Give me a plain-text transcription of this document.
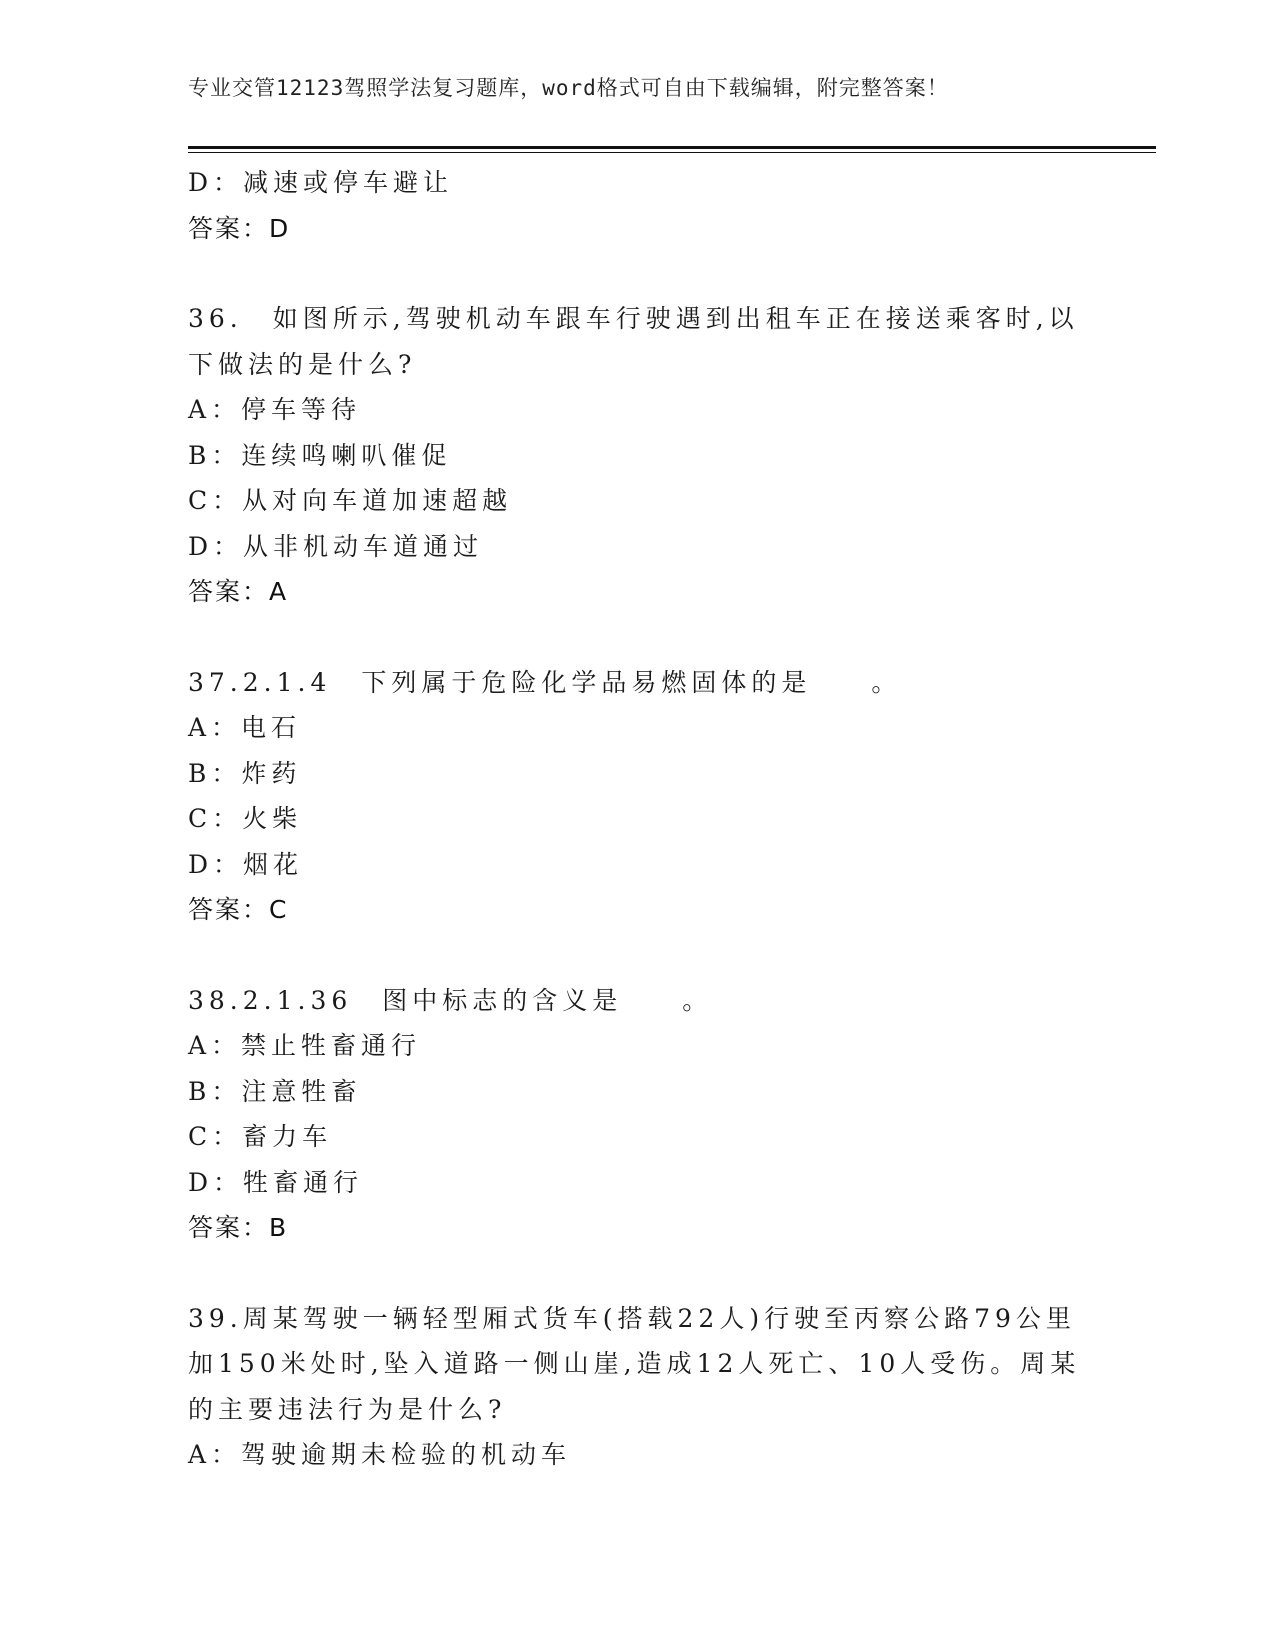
专业交管12123驾照学法复习题库，word格式可自由下载编辑，附完整答案！
D：减速或停车避让
答案：D
36.　如图所示,驾驶机动车跟车行驶遇到出租车正在接送乘客时,以下做法的是什么?
A：停车等待
B：连续鸣喇叭催促
C：从对向车道加速超越
D：从非机动车道通过
答案：A
37.2.1.4　下列属于危险化学品易燃固体的是　　。
A：电石
B：炸药
C：火柴
D：烟花
答案：C
38.2.1.36　图中标志的含义是　　。
A：禁止牲畜通行
B：注意牲畜
C：畜力车
D：牲畜通行
答案：B
39.周某驾驶一辆轻型厢式货车(搭载22人)行驶至丙察公路79公里加150米处时,坠入道路一侧山崖,造成12人死亡、10人受伤。周某的主要违法行为是什么?
A：驾驶逾期未检验的机动车
